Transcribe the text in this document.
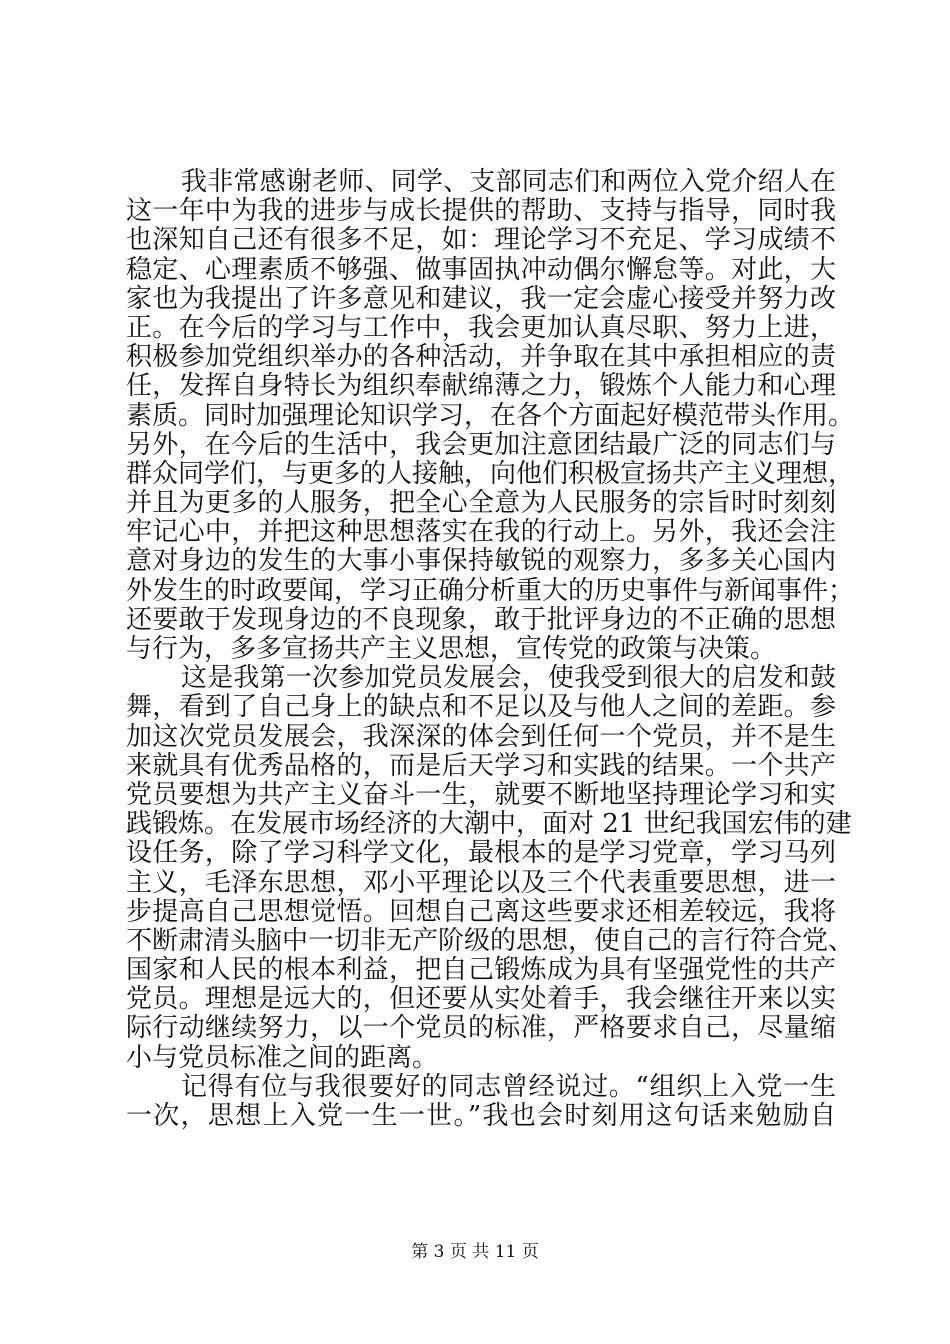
我非常感谢老师、同学、支部同志们和两位入党介绍人在
这一年中为我的进步与成长提供的帮助、支持与指导，同时我
也深知自己还有很多不足，如：理论学习不充足、学习成绩不
稳定、心理素质不够强、做事固执冲动偶尔懈怠等。对此，大
家也为我提出了许多意见和建议，我一定会虚心接受并努力改
正。在今后的学习与工作中，我会更加认真尽职、努力上进，
积极参加党组织举办的各种活动，并争取在其中承担相应的责
任，发挥自身特长为组织奉献绵薄之力，锻炼个人能力和心理
素质。同时加强理论知识学习，在各个方面起好模范带头作用。
另外，在今后的生活中，我会更加注意团结最广泛的同志们与
群众同学们，与更多的人接触，向他们积极宣扬共产主义理想，
并且为更多的人服务，把全心全意为人民服务的宗旨时时刻刻
牢记心中，并把这种思想落实在我的行动上。另外，我还会注
意对身边的发生的大事小事保持敏锐的观察力，多多关心国内
外发生的时政要闻，学习正确分析重大的历史事件与新闻事件；
还要敢于发现身边的不良现象，敢于批评身边的不正确的思想
与行为，多多宣扬共产主义思想，宣传党的政策与决策。
这是我第一次参加党员发展会，使我受到很大的启发和鼓
舞，看到了自己身上的缺点和不足以及与他人之间的差距。参
加这次党员发展会，我深深的体会到任何一个党员，并不是生
来就具有优秀品格的，而是后天学习和实践的结果。一个共产
党员要想为共产主义奋斗一生，就要不断地坚持理论学习和实
践锻炼。在发展市场经济的大潮中，面对 21 世纪我国宏伟的建
设任务，除了学习科学文化，最根本的是学习党章，学习马列
主义，毛泽东思想，邓小平理论以及三个代表重要思想，进一
步提高自己思想觉悟。回想自己离这些要求还相差较远，我将
不断肃清头脑中一切非无产阶级的思想，使自己的言行符合党、
国家和人民的根本利益，把自己锻炼成为具有坚强党性的共产
党员。理想是远大的，但还要从实处着手，我会继往开来以实
际行动继续努力，以一个党员的标准，严格要求自己，尽量缩
小与党员标准之间的距离。
记得有位与我很要好的同志曾经说过。“组织上入党一生
一次，思想上入党一生一世。”我也会时刻用这句话来勉励自
第 3 页 共 11 页
